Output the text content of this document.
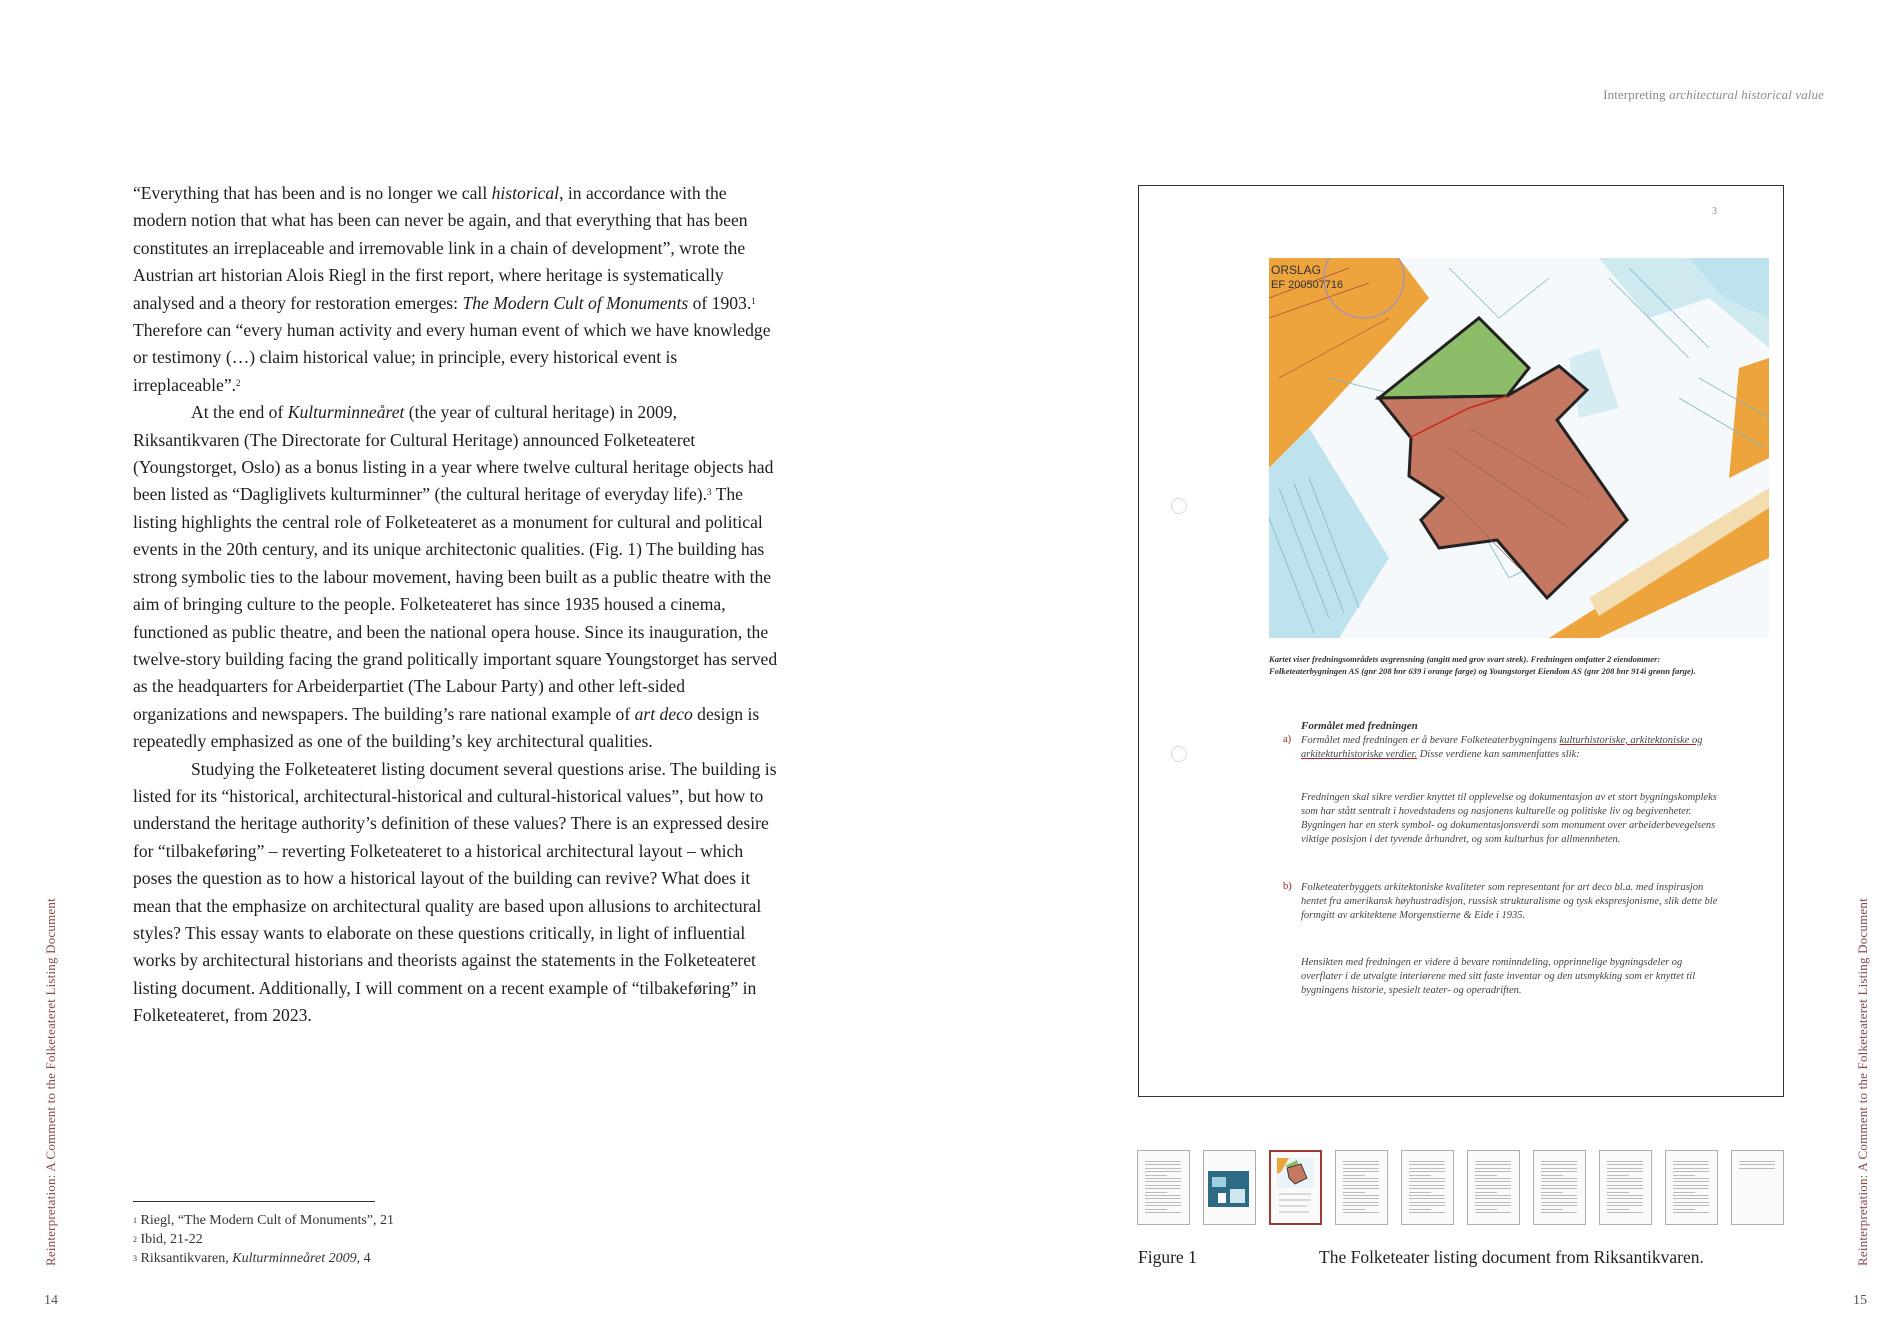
Interpreting architectural historical value

“Everything that has been and is no longer we call historical, in accordance with the modern notion that what has been can never be again, and that everything that has been constitutes an irreplaceable and irremovable link in a chain of development”, wrote the Austrian art historian Alois Riegl in the first report, where heritage is systematically analysed and a theory for restoration emerges: The Modern Cult of Monuments of 1903.$^1$ Therefore can “every human activity and every human event of which we have knowledge or testimony (…) claim historical value; in principle, every historical event is irreplaceable”.$^2$

At the end of Kulturminneåret (the year of cultural heritage) in 2009, Riksantikvaren (The Directorate for Cultural Heritage) announced Folketeateret (Youngstorget, Oslo) as a bonus listing in a year where twelve cultural heritage objects had been listed as “Dagliglivets kulturminner” (the cultural heritage of everyday life).$^3$ The listing highlights the central role of Folketeateret as a monument for cultural and political events in the 20th century, and its unique architectonic qualities. (Fig. 1) The building has strong symbolic ties to the labour movement, having been built as a public theatre with the aim of bringing culture to the people. Folketeateret has since 1935 housed a cinema, functioned as public theatre, and been the national opera house. Since its inauguration, the twelve-story building facing the grand politically important square Youngstorget has served as the headquarters for Arbeiderpartiet (The Labour Party) and other left-sided organizations and newspapers. The building’s rare national example of art deco design is repeatedly emphasized as one of the building’s key architectural qualities.

Studying the Folketeateret listing document several questions arise. The building is listed for its “historical, architectural-historical and cultural-historical values”, but how to understand the heritage authority’s definition of these values? There is an expressed desire for “tilbakeføring” – reverting Folketeateret to a historical architectural layout – which poses the question as to how a historical layout of the building can revive? What does it mean that the emphasize on architectural quality are based upon allusions to architectural styles? This essay wants to elaborate on these questions critically, in light of influential works by architectural historians and theorists against the statements in the Folketeateret listing document. Additionally, I will comment on a recent example of “tilbakeføring” in Folketeateret, from 2023.

$^1$ Riegl, “The Modern Cult of Monuments”, 21
$^2$ Ibid, 21-22
$^3$ Riksantikvaren, Kulturminneåret 2009, 4
Reinterpretation: A Comment to the Folketeateret Listing Document	Reinterpretation: A Comment to the Folketeateret Listing Document
14	15
3
ORSLAG
EF 200507716
Kartet viser fredningsområdets avgrensning (angitt med grov svart strek). Fredningen omfatter 2 eiendommer: Folketeaterbygningen AS (gnr 208 bnr 639 i orange farge) og Youngstorget Eiendom AS (gnr 208 bnr 914i grønn farge).
Formålet med fredningen
a) Formålet med fredningen er å bevare Folketeaterbygningens kulturhistoriske, arkitektoniske og arkitekturhistoriske verdier. Disse verdiene kan sammenfattes slik:
Fredningen skal sikre verdier knyttet til opplevelse og dokumentasjon av et stort bygningskompleks som har stått sentralt i hovedstadens og nasjonens kulturelle og politiske liv og begivenheter. Bygningen har en sterk symbol- og dokumentasjonsverdi som monument over arbeiderbevegelsens viktige posisjon i det tyvende århundret, og som kulturhus for allmennheten.
b) Folketeaterbyggets arkitektoniske kvaliteter som representant for art deco bl.a. med inspirasjon hentet fra amerikansk høyhustradisjon, russisk strukturalisme og tysk ekspresjonisme, slik dette ble formgitt av arkitektene Morgenstierne & Eide i 1935.
Hensikten med fredningen er videre å bevare rominndeling, opprinnelige bygningsdeler og overflater i de utvalgte interiørene med sitt faste inventar og den utsmykking som er knyttet til bygningens historie, spesielt teater- og operadriften.
Figure 1	The Folketeater listing document from Riksantikvaren.
